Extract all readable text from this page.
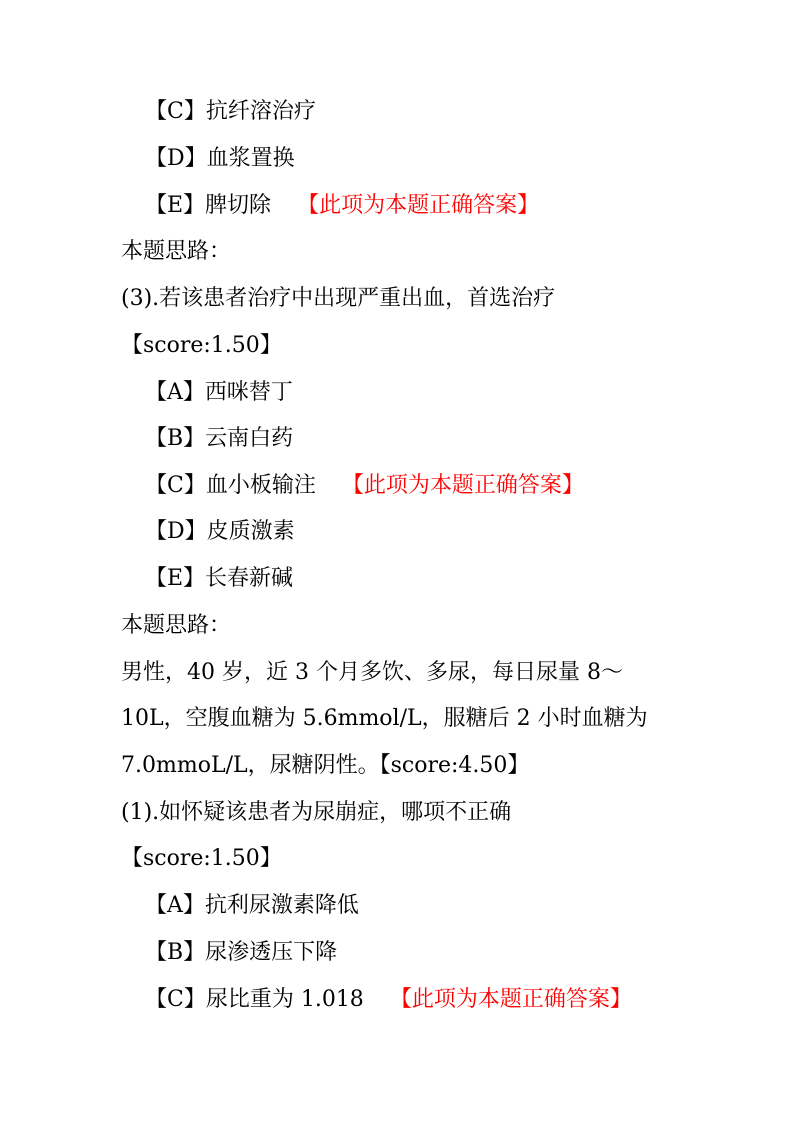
【C】抗纤溶治疗
【D】血浆置换
【E】脾切除 【此项为本题正确答案】
本题思路：
(3).若该患者治疗中出现严重出血，首选治疗
【score:1.50】
【A】西咪替丁
【B】云南白药
【C】血小板输注 【此项为本题正确答案】
【D】皮质激素
【E】长春新碱
本题思路：
男性，40 岁，近 3 个月多饮、多尿，每日尿量 8～
10L，空腹血糖为 5.6mmol/L，服糖后 2 小时血糖为
7.0mmoL/L，尿糖阴性。【score:4.50】
(1).如怀疑该患者为尿崩症，哪项不正确
【score:1.50】
【A】抗利尿激素降低
【B】尿渗透压下降
【C】尿比重为 1.018 【此项为本题正确答案】
